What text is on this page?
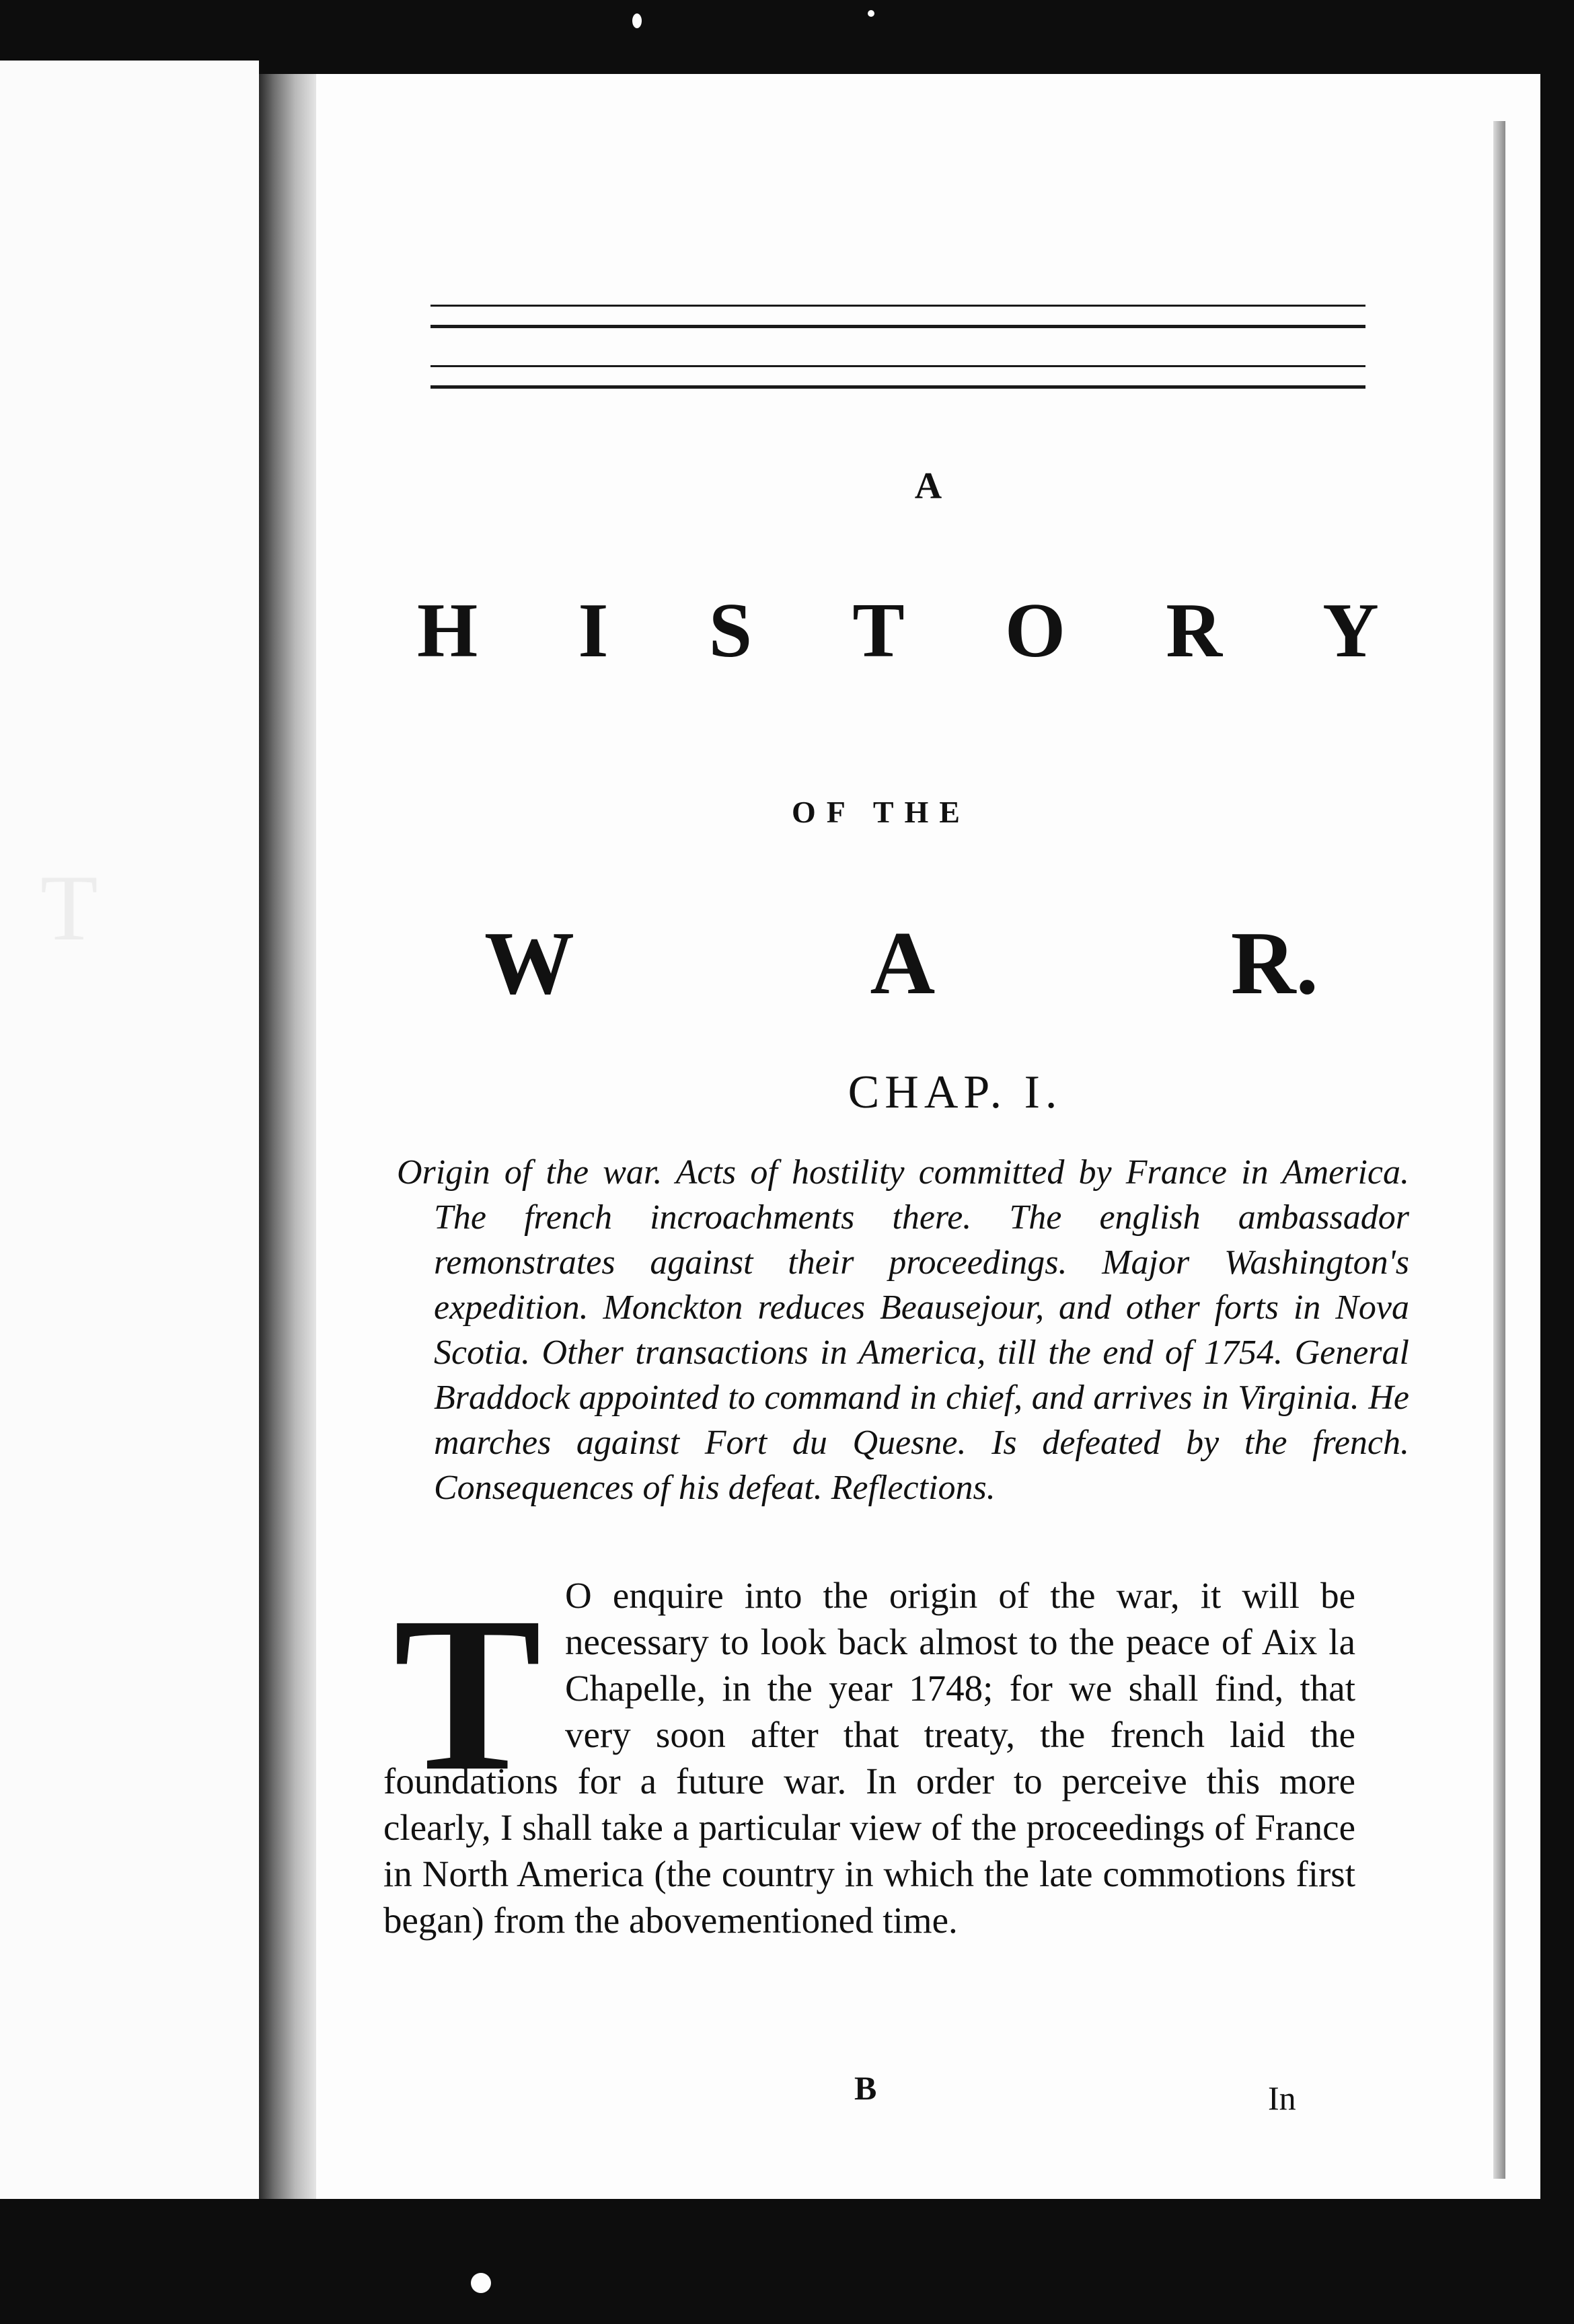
T
A
H I S T O R Y
OF THE
W	A	R.
CHAP. I.
Origin of the war. Acts of hostility committed by France in America. The french incroachments there. The english ambassador remonstrates against their proceedings. Major Washington's expedition. Monckton reduces Beausejour, and other forts in Nova Scotia. Other transactions in America, till the end of 1754. General Braddock appointed to command in chief, and arrives in Virginia. He marches against Fort du Quesne. Is defeated by the french. Consequences of his defeat. Reflections.
T O enquire into the origin of the war, it will be necessary to look back almost to the peace of Aix la Chapelle, in the year 1748; for we shall find, that very soon after that treaty, the french laid the foundations for a future war. In order to perceive this more clearly, I shall take a particular view of the proceedings of France in North America (the country in which the late commotions first began) from the abovementioned time.
B	In
